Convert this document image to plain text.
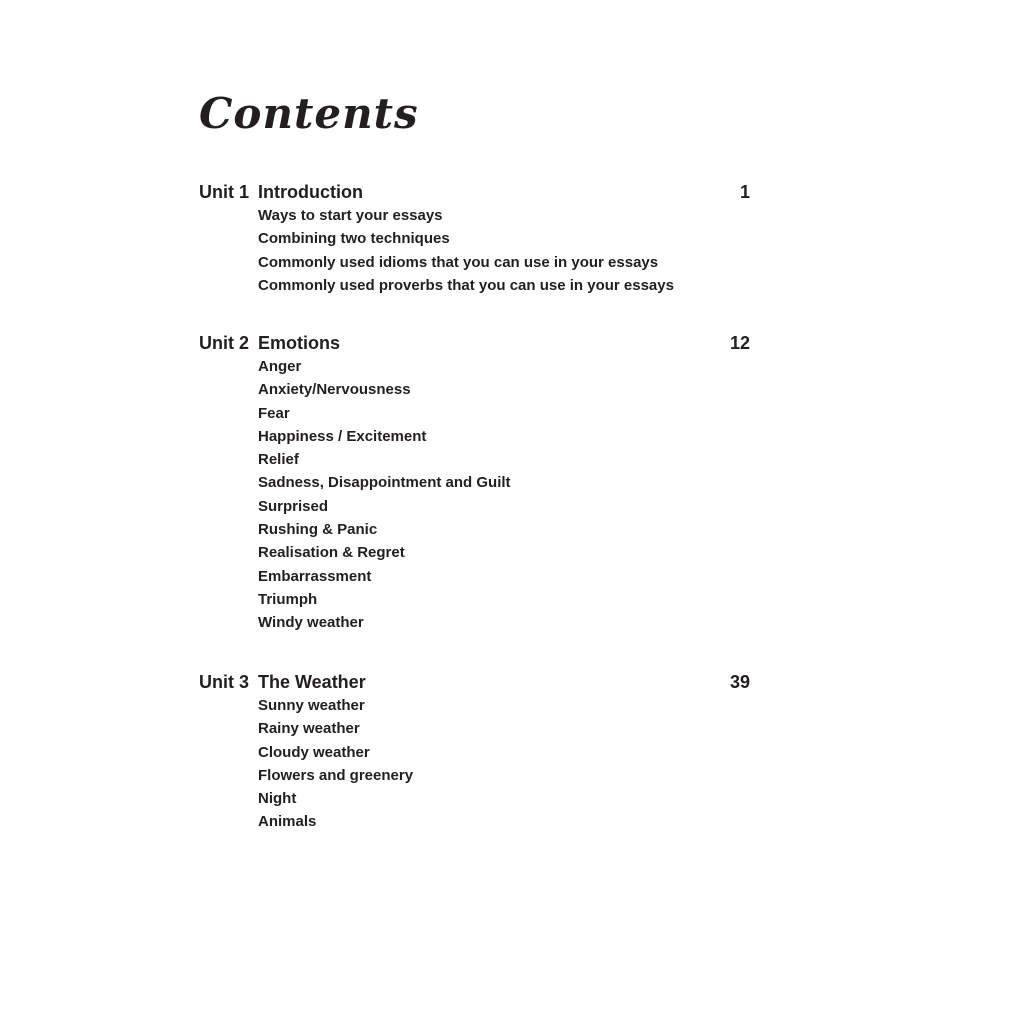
Contents
Unit 1 Introduction	1
Ways to start your essays
Combining two techniques
Commonly used idioms that you can use in your essays
Commonly used proverbs that you can use in your essays
Unit 2 Emotions	12
Anger
Anxiety/Nervousness
Fear
Happiness / Excitement
Relief
Sadness, Disappointment and Guilt
Surprised
Rushing & Panic
Realisation & Regret
Embarrassment
Triumph
Windy weather
Unit 3 The Weather	39
Sunny weather
Rainy weather
Cloudy weather
Flowers and greenery
Night
Animals
